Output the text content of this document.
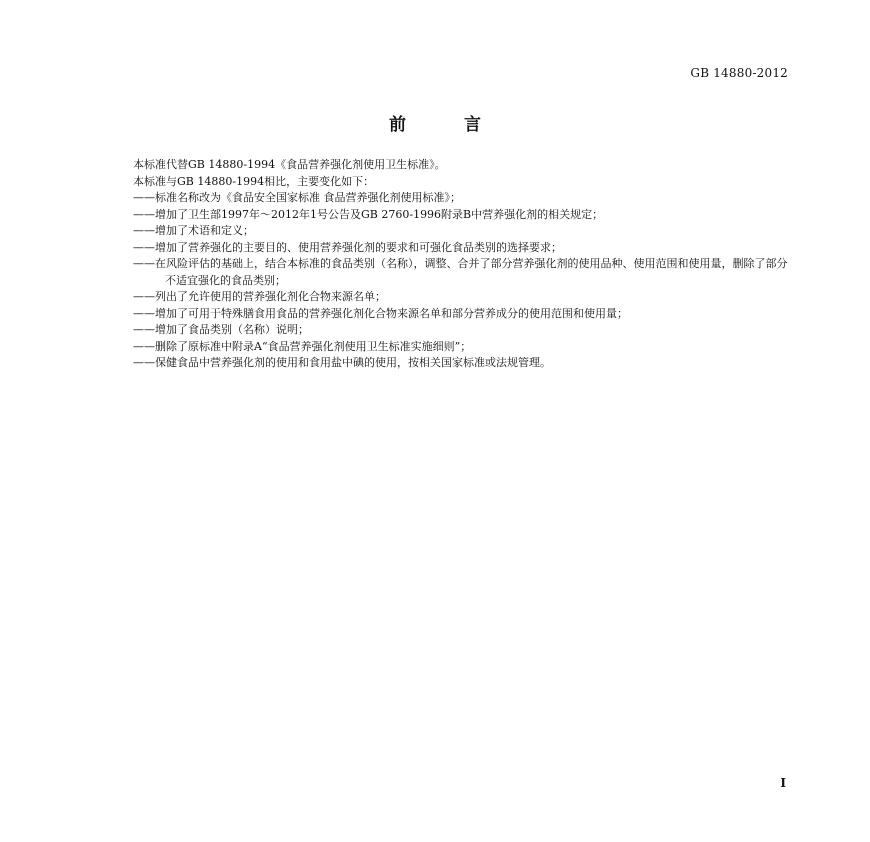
GB 14880-2012
前 言
本标准代替GB 14880-1994《食品营养强化剂使用卫生标准》。
本标准与GB 14880-1994相比，主要变化如下：
——标准名称改为《食品安全国家标准 食品营养强化剂使用标准》；
——增加了卫生部1997年～2012年1号公告及GB 2760-1996附录B中营养强化剂的相关规定；
——增加了术语和定义；
——增加了营养强化的主要目的、使用营养强化剂的要求和可强化食品类别的选择要求；
——在风险评估的基础上，结合本标准的食品类别（名称），调整、合并了部分营养强化剂的使用品种、使用范围和使用量，删除了部分不适宜强化的食品类别；
——列出了允许使用的营养强化剂化合物来源名单；
——增加了可用于特殊膳食用食品的营养强化剂化合物来源名单和部分营养成分的使用范围和使用量；
——增加了食品类别（名称）说明；
——删除了原标准中附录A“食品营养强化剂使用卫生标准实施细则”；
——保健食品中营养强化剂的使用和食用盐中碘的使用，按相关国家标准或法规管理。
I
